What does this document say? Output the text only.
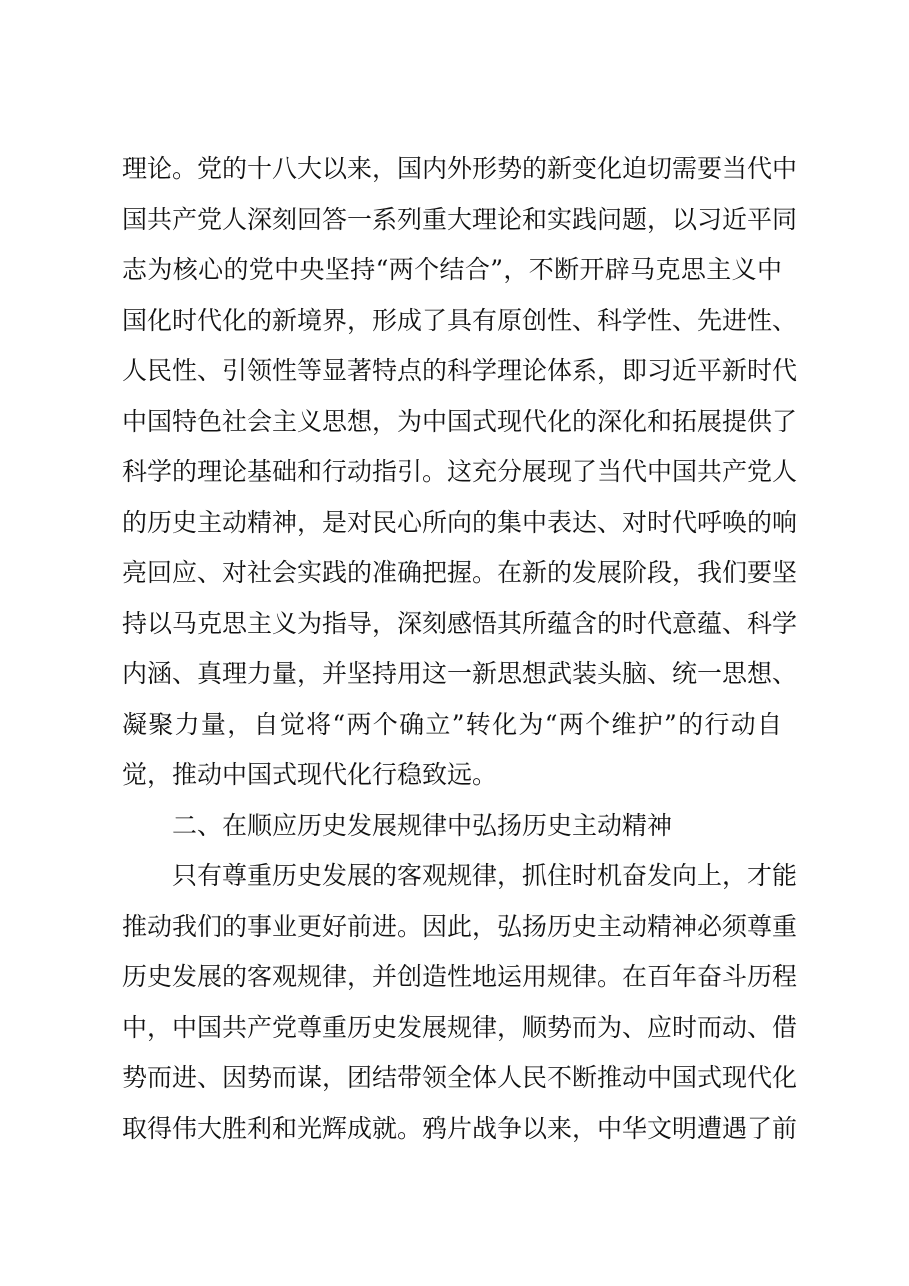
理论。党的十八大以来，国内外形势的新变化迫切需要当代中
国共产党人深刻回答一系列重大理论和实践问题，以习近平同
志为核心的党中央坚持“两个结合”，不断开辟马克思主义中
国化时代化的新境界，形成了具有原创性、科学性、先进性、
人民性、引领性等显著特点的科学理论体系，即习近平新时代
中国特色社会主义思想，为中国式现代化的深化和拓展提供了
科学的理论基础和行动指引。这充分展现了当代中国共产党人
的历史主动精神，是对民心所向的集中表达、对时代呼唤的响
亮回应、对社会实践的准确把握。在新的发展阶段，我们要坚
持以马克思主义为指导，深刻感悟其所蕴含的时代意蕴、科学
内涵、真理力量，并坚持用这一新思想武装头脑、统一思想、
凝聚力量，自觉将“两个确立”转化为“两个维护”的行动自
觉，推动中国式现代化行稳致远。
二、在顺应历史发展规律中弘扬历史主动精神
只有尊重历史发展的客观规律，抓住时机奋发向上，才能
推动我们的事业更好前进。因此，弘扬历史主动精神必须尊重
历史发展的客观规律，并创造性地运用规律。在百年奋斗历程
中，中国共产党尊重历史发展规律，顺势而为、应时而动、借
势而进、因势而谋，团结带领全体人民不断推动中国式现代化
取得伟大胜利和光辉成就。鸦片战争以来，中华文明遭遇了前
